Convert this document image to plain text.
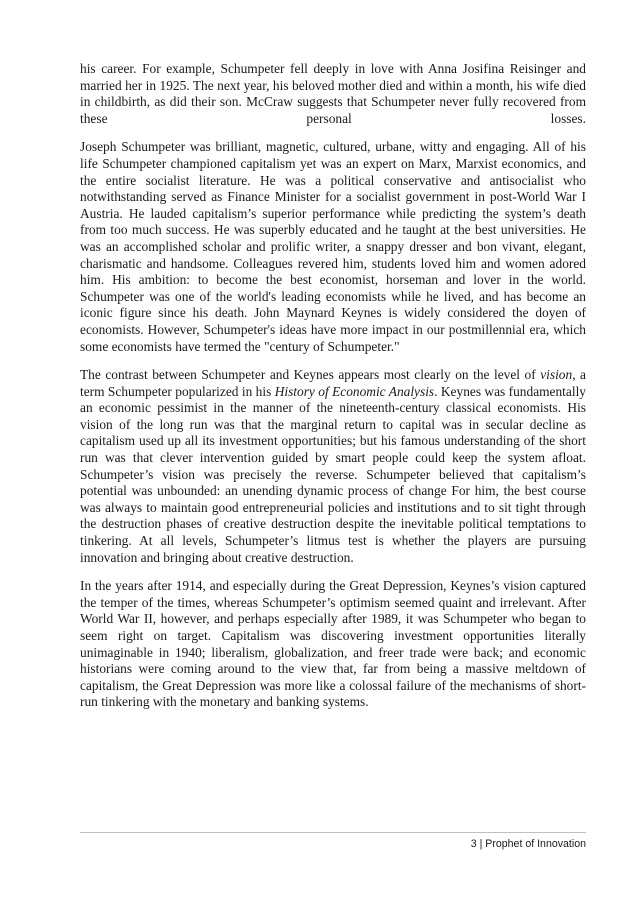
his career. For example, Schumpeter fell deeply in love with Anna Josifina Reisinger and married her in 1925. The next year, his beloved mother died and within a month, his wife died in childbirth, as did their son. McCraw suggests that Schumpeter never fully recovered from these personal losses.

Joseph Schumpeter was brilliant, magnetic, cultured, urbane, witty and engaging. All of his life Schumpeter championed capitalism yet was an expert on Marx, Marxist economics, and the entire socialist literature. He was a political conservative and antisocialist who notwithstanding served as Finance Minister for a socialist government in post-World War I Austria. He lauded capitalism’s superior performance while predicting the system’s death from too much success. He was superbly educated and he taught at the best universities. He was an accomplished scholar and prolific writer, a snappy dresser and bon vivant, elegant, charismatic and handsome. Colleagues revered him, students loved him and women adored him. His ambition: to become the best economist, horseman and lover in the world. Schumpeter was one of the world's leading economists while he lived, and has become an iconic figure since his death. John Maynard Keynes is widely considered the doyen of economists. However, Schumpeter's ideas have more impact in our postmillennial era, which some economists have termed the "century of Schumpeter."

The contrast between Schumpeter and Keynes appears most clearly on the level of vision, a term Schumpeter popularized in his History of Economic Analysis. Keynes was fundamentally an economic pessimist in the manner of the nineteenth-century classical economists. His vision of the long run was that the marginal return to capital was in secular decline as capitalism used up all its investment opportunities; but his famous understanding of the short run was that clever intervention guided by smart people could keep the system afloat. Schumpeter’s vision was precisely the reverse. Schumpeter believed that capitalism’s potential was unbounded: an unending dynamic process of change For him, the best course was always to maintain good entrepreneurial policies and institutions and to sit tight through the destruction phases of creative destruction despite the inevitable political temptations to tinkering. At all levels, Schumpeter’s litmus test is whether the players are pursuing innovation and bringing about creative destruction.

In the years after 1914, and especially during the Great Depression, Keynes’s vision captured the temper of the times, whereas Schumpeter’s optimism seemed quaint and irrelevant. After World War II, however, and perhaps especially after 1989, it was Schumpeter who began to seem right on target. Capitalism was discovering investment opportunities literally unimaginable in 1940; liberalism, globalization, and freer trade were back; and economic historians were coming around to the view that, far from being a massive meltdown of capitalism, the Great Depression was more like a colossal failure of the mechanisms of short-run tinkering with the monetary and banking systems.

3 | Prophet of Innovation
